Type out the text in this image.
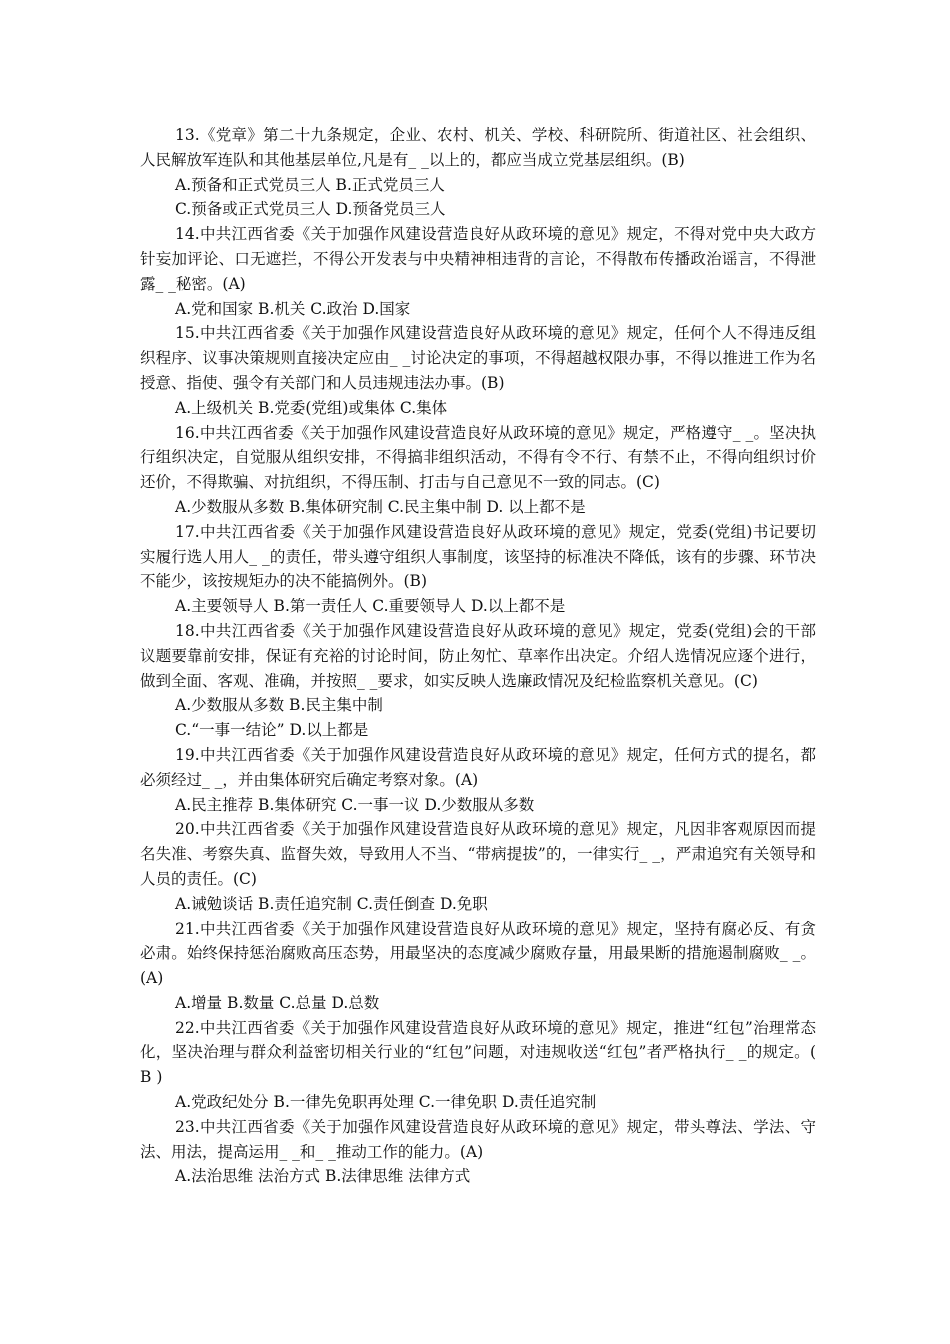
13.《党章》第二十九条规定，企业、农村、机关、学校、科研院所、街道社区、社会组织、人民解放军连队和其他基层单位,凡是有_ _以上的，都应当成立党基层组织。(B)

A.预备和正式党员三人 B.正式党员三人

C.预备或正式党员三人 D.预备党员三人

14.中共江西省委《关于加强作风建设营造良好从政环境的意见》规定，不得对党中央大政方针妄加评论、口无遮拦，不得公开发表与中央精神相违背的言论，不得散布传播政治谣言，不得泄露_ _秘密。(A)

A.党和国家 B.机关 C.政治 D.国家

15.中共江西省委《关于加强作风建设营造良好从政环境的意见》规定，任何个人不得违反组织程序、议事决策规则直接决定应由_ _讨论决定的事项，不得超越权限办事，不得以推进工作为名授意、指使、强令有关部门和人员违规违法办事。(B)

A.上级机关 B.党委(党组)或集体 C.集体

16.中共江西省委《关于加强作风建设营造良好从政环境的意见》规定，严格遵守_ _。坚决执行组织决定，自觉服从组织安排，不得搞非组织活动，不得有令不行、有禁不止，不得向组织讨价还价，不得欺骗、对抗组织，不得压制、打击与自己意见不一致的同志。(C)

A.少数服从多数 B.集体研究制 C.民主集中制 D. 以上都不是

17.中共江西省委《关于加强作风建设营造良好从政环境的意见》规定，党委(党组)书记要切实履行选人用人_ _的责任，带头遵守组织人事制度，该坚持的标准决不降低，该有的步骤、环节决不能少，该按规矩办的决不能搞例外。(B)

A.主要领导人 B.第一责任人 C.重要领导人 D.以上都不是

18.中共江西省委《关于加强作风建设营造良好从政环境的意见》规定，党委(党组)会的干部议题要靠前安排，保证有充裕的讨论时间，防止匆忙、草率作出决定。介绍人选情况应逐个进行，做到全面、客观、准确，并按照_ _要求，如实反映人选廉政情况及纪检监察机关意见。(C)

A.少数服从多数 B.民主集中制

C.“一事一结论” D.以上都是

19.中共江西省委《关于加强作风建设营造良好从政环境的意见》规定，任何方式的提名，都必须经过_ _，并由集体研究后确定考察对象。(A)

A.民主推荐 B.集体研究 C.一事一议 D.少数服从多数

20.中共江西省委《关于加强作风建设营造良好从政环境的意见》规定，凡因非客观原因而提名失准、考察失真、监督失效，导致用人不当、“带病提拔”的，一律实行_ _，严肃追究有关领导和人员的责任。(C)

A.诫勉谈话 B.责任追究制 C.责任倒查 D.免职

21.中共江西省委《关于加强作风建设营造良好从政环境的意见》规定，坚持有腐必反、有贪必肃。始终保持惩治腐败高压态势，用最坚决的态度减少腐败存量，用最果断的措施遏制腐败_ _。(A)

A.增量 B.数量 C.总量 D.总数

22.中共江西省委《关于加强作风建设营造良好从政环境的意见》规定，推进“红包”治理常态化，坚决治理与群众利益密切相关行业的“红包”问题，对违规收送“红包”者严格执行_ _的规定。( B )

A.党政纪处分 B.一律先免职再处理 C.一律免职 D.责任追究制

23.中共江西省委《关于加强作风建设营造良好从政环境的意见》规定，带头尊法、学法、守法、用法，提高运用_ _和_ _推动工作的能力。(A)

A.法治思维 法治方式 B.法律思维 法律方式
